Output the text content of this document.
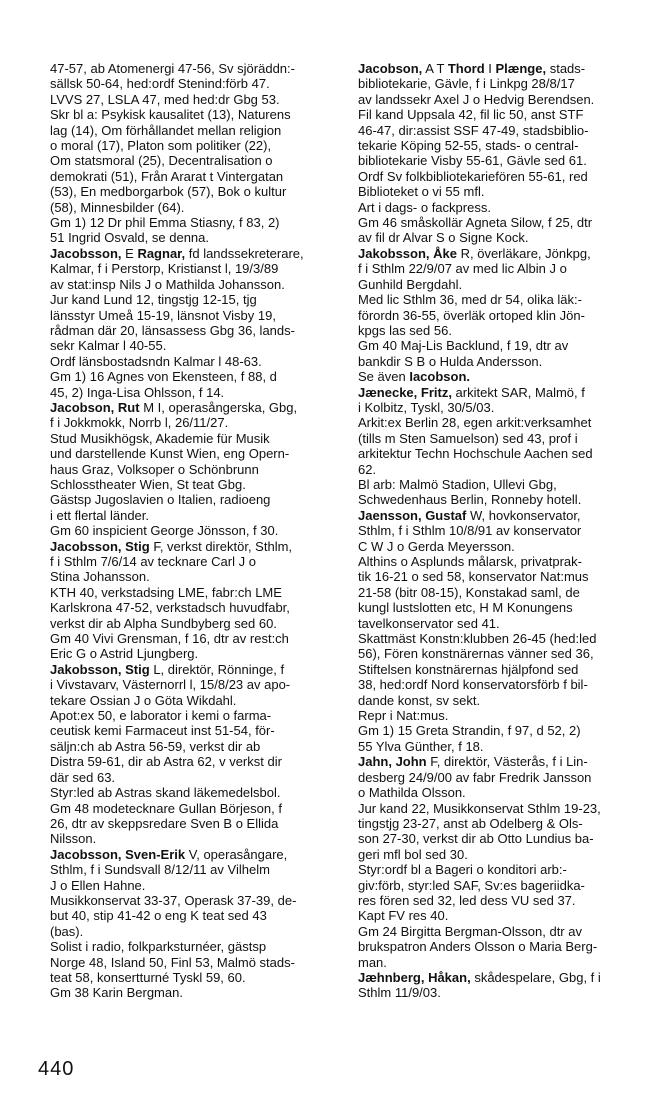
47-57, ab Atomenergi 47-56, Sv sjöräddn:-
sällsk 50-64, hed:ordf Stenind:förb 47.
LVVS 27, LSLA 47, med hed:dr Gbg 53.
Skr bl a: Psykisk kausalitet (13), Naturens
lag (14), Om förhållandet mellan religion
o moral (17), Platon som politiker (22),
Om statsmoral (25), Decentralisation o
demokrati (51), Från Ararat t Vintergatan
(53), En medborgarbok (57), Bok o kultur
(58), Minnesbilder (64).
Gm 1) 12 Dr phil Emma Stiasny, f 83, 2)
51 Ingrid Osvald, se denna.

Jacobsson, E Ragnar, fd landssekreterare,
Kalmar, f i Perstorp, Kristianst l, 19/3/89
av stat:insp Nils J o Mathilda Johansson.
Jur kand Lund 12, tingstjg 12-15, tjg
länsstyr Umeå 15-19, länsnot Visby 19,
rådman där 20, länsassess Gbg 36, lands-
sekr Kalmar l 40-55.
Ordf länsbostadsndn Kalmar l 48-63.
Gm 1) 16 Agnes von Ekensteen, f 88, d
45, 2) Inga-Lisa Ohlsson, f 14.

Jacobson, Rut M I, operasångerska, Gbg,
f i Jokkmokk, Norrb l, 26/11/27.
Stud Musikhögsk, Akademie für Musik
und darstellende Kunst Wien, eng Opern-
haus Graz, Volksoper o Schönbrunn
Schlosstheater Wien, St teat Gbg.
Gästsp Jugoslavien o Italien, radioeng
i ett flertal länder.
Gm 60 inspicient George Jönsson, f 30.

Jacobsson, Stig F, verkst direktör, Sthlm,
f i Sthlm 7/6/14 av tecknare Carl J o
Stina Johansson.
KTH 40, verkstadsing LME, fabr:ch LME
Karlskrona 47-52, verkstadsch huvudfabr,
verkst dir ab Alpha Sundbyberg sed 60.
Gm 40 Vivi Grensman, f 16, dtr av rest:ch
Eric G o Astrid Ljungberg.

Jakobsson, Stig L, direktör, Rönninge, f
i Vivstavarv, Västernorrl l, 15/8/23 av apo-
tekare Ossian J o Göta Wikdahl.
Apot:ex 50, e laborator i kemi o farma-
ceutisk kemi Farmaceut inst 51-54, för-
säljn:ch ab Astra 56-59, verkst dir ab
Distra 59-61, dir ab Astra 62, v verkst dir
där sed 63.
Styr:led ab Astras skand läkemedelsbol.
Gm 48 modetecknare Gullan Börjeson, f
26, dtr av skeppsredare Sven B o Ellida
Nilsson.

Jacobsson, Sven-Erik V, operasångare,
Sthlm, f i Sundsvall 8/12/11 av Vilhelm
J o Ellen Hahne.
Musikkonservat 33-37, Operask 37-39, de-
but 40, stip 41-42 o eng K teat sed 43
(bas).
Solist i radio, folkparksturnéer, gästsp
Norge 48, Island 50, Finl 53, Malmö stads-
teat 58, konsertturné Tyskl 59, 60.
Gm 38 Karin Bergman.

Jacobson, A T Thord I Plænge, stads-
bibliotekarie, Gävle, f i Linkpg 28/8/17
av landssekr Axel J o Hedvig Berendsen.
Fil kand Uppsala 42, fil lic 50, anst STF
46-47, dir:assist SSF 47-49, stadsbiblio-
tekarie Köping 52-55, stads- o central-
bibliotekarie Visby 55-61, Gävle sed 61.
Ordf Sv folkbibliotekariefören 55-61, red
Biblioteket o vi 55 mfl.
Art i dags- o fackpress.
Gm 46 småskollär Agneta Silow, f 25, dtr
av fil dr Alvar S o Signe Kock.

Jakobsson, Åke R, överläkare, Jönkpg,
f i Sthlm 22/9/07 av med lic Albin J o
Gunhild Bergdahl.
Med lic Sthlm 36, med dr 54, olika läk:-
förordn 36-55, överläk ortoped klin Jön-
kpgs las sed 56.
Gm 40 Maj-Lis Backlund, f 19, dtr av
bankdir S B o Hulda Andersson.

Se även Iacobson.

Jænecke, Fritz, arkitekt SAR, Malmö, f
i Kolbitz, Tyskl, 30/5/03.
Arkit:ex Berlin 28, egen arkit:verksamhet
(tills m Sten Samuelson) sed 43, prof i
arkitektur Techn Hochschule Aachen sed
62.
Bl arb: Malmö Stadion, Ullevi Gbg,
Schwedenhaus Berlin, Ronneby hotell.

Jaensson, Gustaf W, hovkonservator,
Sthlm, f i Sthlm 10/8/91 av konservator
C W J o Gerda Meyersson.
Althins o Asplunds målarsk, privatprak-
tik 16-21 o sed 58, konservator Nat:mus
21-58 (bitr 08-15), Konstakad saml, de
kungl lustslotten etc, H M Konungens
tavelkonservator sed 41.
Skattmäst Konstn:klubben 26-45 (hed:led
56), Fören konstnärernas vänner sed 36,
Stiftelsen konstnärernas hjälpfond sed
38, hed:ordf Nord konservatorsförb f bil-
dande konst, sv sekt.
Repr i Nat:mus.
Gm 1) 15 Greta Strandin, f 97, d 52, 2)
55 Ylva Günther, f 18.

Jahn, John F, direktör, Västerås, f i Lin-
desberg 24/9/00 av fabr Fredrik Jansson
o Mathilda Olsson.
Jur kand 22, Musikkonservat Sthlm 19-23,
tingstjg 23-27, anst ab Odelberg & Ols-
son 27-30, verkst dir ab Otto Lundius ba-
geri mfl bol sed 30.
Styr:ordf bl a Bageri o konditori arb:-
giv:förb, styr:led SAF, Sv:es bageriidka-
res fören sed 32, led dess VU sed 37.
Kapt FV res 40.
Gm 24 Birgitta Bergman-Olsson, dtr av
brukspatron Anders Olsson o Maria Berg-
man.

Jæhnberg, Håkan, skådespelare, Gbg, f i
Sthlm 11/9/03.

440
